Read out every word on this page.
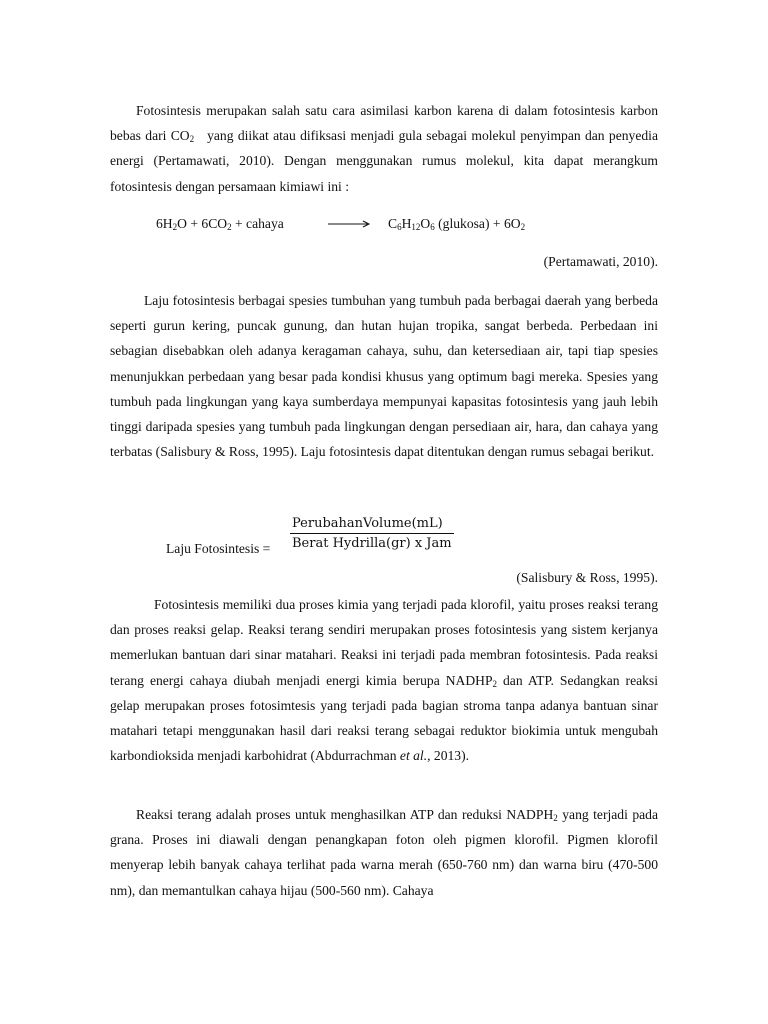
Fotosintesis merupakan salah satu cara asimilasi karbon karena di dalam fotosintesis karbon bebas dari $CO_2$   yang diikat atau difiksasi menjadi gula sebagai molekul penyimpan dan penyedia energi (Pertamawati, 2010). Dengan menggunakan rumus molekul, kita dapat merangkum fotosintesis dengan persamaan kimiawi ini :

$6H_2O + 6CO_2$ + cahaya	$C_6H_{12}O_6$ (glukosa) + $6O_2$
(Pertamawati, 2010).

Laju fotosintesis berbagai spesies tumbuhan yang tumbuh pada berbagai daerah yang berbeda seperti gurun kering, puncak gunung, dan hutan hujan tropika, sangat berbeda. Perbedaan ini sebagian disebabkan oleh adanya keragaman cahaya, suhu, dan ketersediaan air, tapi tiap spesies menunjukkan perbedaan yang besar pada kondisi khusus yang optimum bagi mereka. Spesies yang tumbuh pada lingkungan yang kaya sumberdaya mempunyai kapasitas fotosintesis yang jauh lebih tinggi daripada spesies yang tumbuh pada lingkungan dengan persediaan air, hara, dan cahaya yang terbatas (Salisbury & Ross, 1995). Laju fotosintesis dapat ditentukan dengan rumus sebagai berikut.

Laju Fotosintesis =
PerubahanVolume(mL)
Berat Hydrilla(gr) x Jam
(Salisbury & Ross, 1995).

Fotosintesis memiliki dua proses kimia yang terjadi pada klorofil, yaitu proses reaksi terang dan proses reaksi gelap. Reaksi terang sendiri merupakan proses fotosintesis yang sistem kerjanya memerlukan bantuan dari sinar matahari. Reaksi ini terjadi pada membran fotosintesis. Pada reaksi terang energi cahaya diubah menjadi energi kimia berupa $NADHP_2$ dan ATP. Sedangkan reaksi gelap merupakan proses fotosimtesis yang terjadi pada bagian stroma tanpa adanya bantuan sinar matahari tetapi menggunakan hasil dari reaksi terang sebagai reduktor biokimia untuk mengubah karbondioksida menjadi karbohidrat (Abdurrachman et al., 2013).

Reaksi terang adalah proses untuk menghasilkan ATP dan reduksi $NADPH_2$ yang terjadi pada grana. Proses ini diawali dengan penangkapan foton oleh pigmen klorofil. Pigmen klorofil menyerap lebih banyak cahaya terlihat pada warna merah (650-760 nm) dan warna biru (470-500 nm), dan memantulkan cahaya hijau (500-560 nm). Cahaya
